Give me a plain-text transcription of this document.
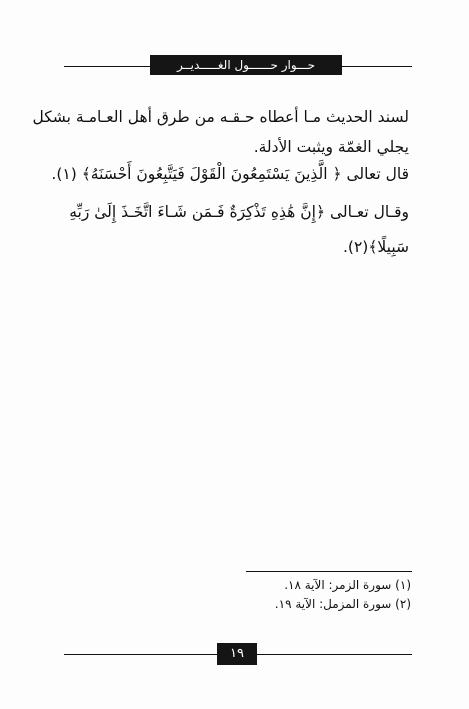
حـــوار حــــــول الغـــــديــر
لسند الحديث مـا أعطاه حـقـه من طرق أهل العـامـة بشكل
يجلي الغمّة ويثبت الأدلة.
قال تعالى ﴿ الَّذِينَ يَسْتَمِعُونَ الْقَوْلَ فَيَتَّبِعُونَ أَحْسَنَهُ﴾ (١).
وقـال تعـالى ﴿إِنَّ هَٰذِهِ تَذْكِرَةٌ فَـمَن شَـاءَ اتَّخَـذَ إِلَىٰ رَبِّهِ
سَبِيلًا﴾(٢).
(١) سورة الزمر: الآية ١٨.
(٢) سورة المزمل: الآية ١٩.
١٩
